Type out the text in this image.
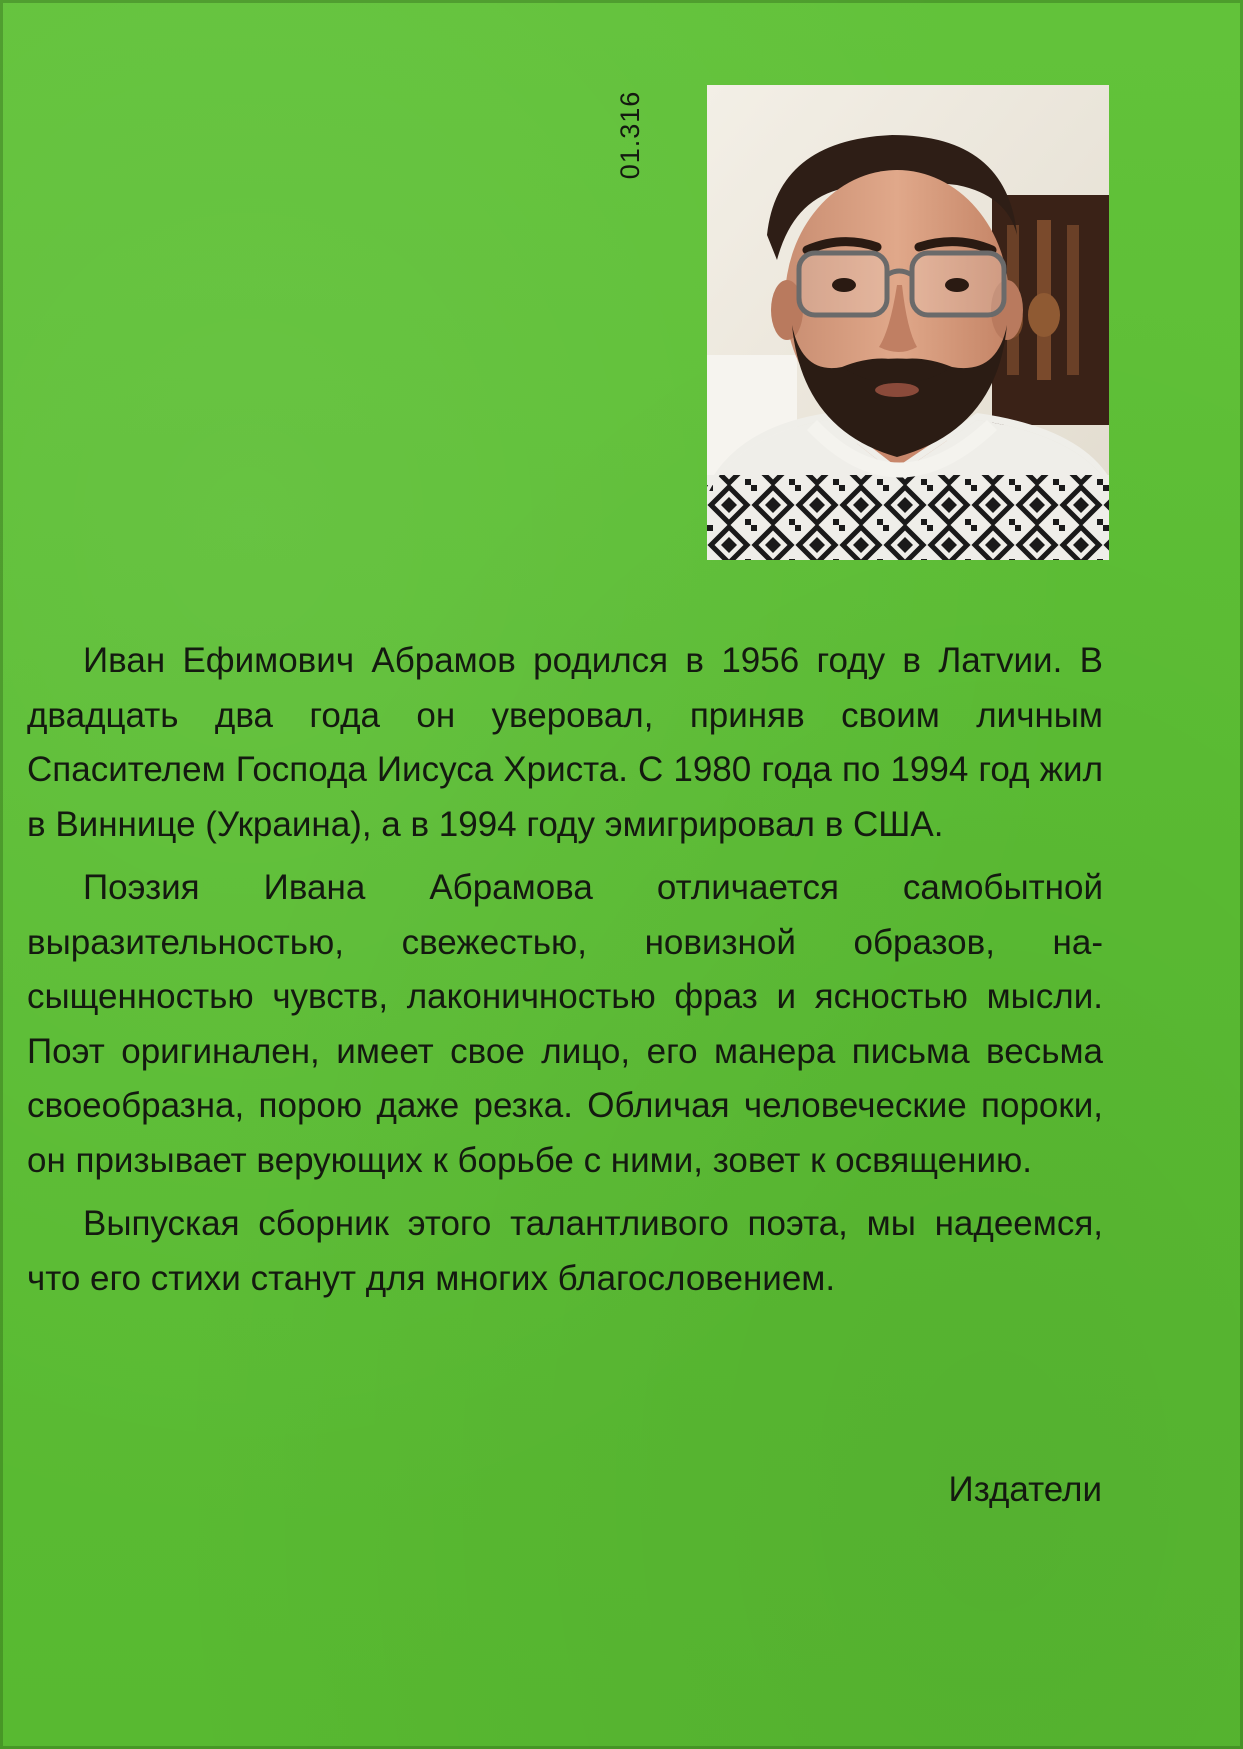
01.316

Иван Ефимович Абрамов родился в 1956 году в Латvии. В двадцать два года он уверовал, приняв своим личным Спасителем Господа Иисуса Христа. С 1980 года по 1994 год жил в Виннице (Украина), а в 1994 году эмигрировал в США.

Поэзия Ивана Абрамова отличается самобытной выразительностью, свежестью, новизной образов, насыщенностью чувств, лаконичностью фраз и ясностью мысли. Поэт оригинален, имеет свое лицо, его манера письма весьма своеобразна, порою даже резка. Обличая человеческие пороки, он призывает верующих к борьбе с ними, зовет к освящению.

Выпуская сборник этого талантливого поэта, мы надеемся, что его стихи станут для многих благословением.

Издатели
